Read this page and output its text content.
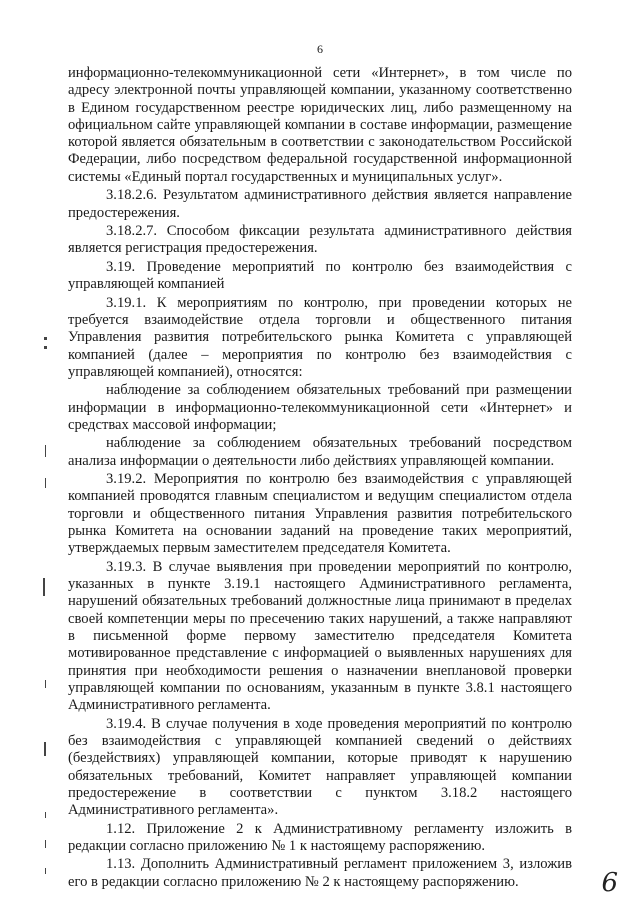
6

информационно-телекоммуникационной сети «Интернет», в том числе по адресу электронной почты управляющей компании, указанному соответственно в Едином государственном реестре юридических лиц, либо размещенному на официальном сайте управляющей компании в составе информации, размещение которой является обязательным в соответствии с законодательством Российской Федерации, либо посредством федеральной государственной информационной системы «Единый портал государственных и муниципальных услуг».

3.18.2.6. Результатом административного действия является направление предостережения.

3.18.2.7. Способом фиксации результата административного действия является регистрация предостережения.

3.19. Проведение мероприятий по контролю без взаимодействия с управляющей компанией

3.19.1. К мероприятиям по контролю, при проведении которых не требуется взаимодействие отдела торговли и общественного питания Управления развития потребительского рынка Комитета с управляющей компанией (далее – мероприятия по контролю без взаимодействия с управляющей компанией), относятся:

наблюдение за соблюдением обязательных требований при размещении информации в информационно-телекоммуникационной сети «Интернет» и средствах массовой информации;

наблюдение за соблюдением обязательных требований посредством анализа информации о деятельности либо действиях управляющей компании.

3.19.2. Мероприятия по контролю без взаимодействия с управляющей компанией проводятся главным специалистом и ведущим специалистом отдела торговли и общественного питания Управления развития потребительского рынка Комитета на основании заданий на проведение таких мероприятий, утверждаемых первым заместителем председателя Комитета.

3.19.3. В случае выявления при проведении мероприятий по контролю, указанных в пункте 3.19.1 настоящего Административного регламента, нарушений обязательных требований должностные лица принимают в пределах своей компетенции меры по пресечению таких нарушений, а также направляют в письменной форме первому заместителю председателя Комитета мотивированное представление с информацией о выявленных нарушениях для принятия при необходимости решения о назначении внеплановой проверки управляющей компании по основаниям, указанным в пункте 3.8.1 настоящего Административного регламента.

3.19.4. В случае получения в ходе проведения мероприятий по контролю без взаимодействия с управляющей компанией сведений о действиях (бездействиях) управляющей компании, которые приводят к нарушению обязательных требований, Комитет направляет управляющей компании предостережение в соответствии с пунктом 3.18.2 настоящего Административного регламента».

1.12. Приложение 2 к Административному регламенту изложить в редакции согласно приложению № 1 к настоящему распоряжению.

1.13. Дополнить Административный регламент приложением 3, изложив его в редакции согласно приложению № 2 к настоящему распоряжению.	6
